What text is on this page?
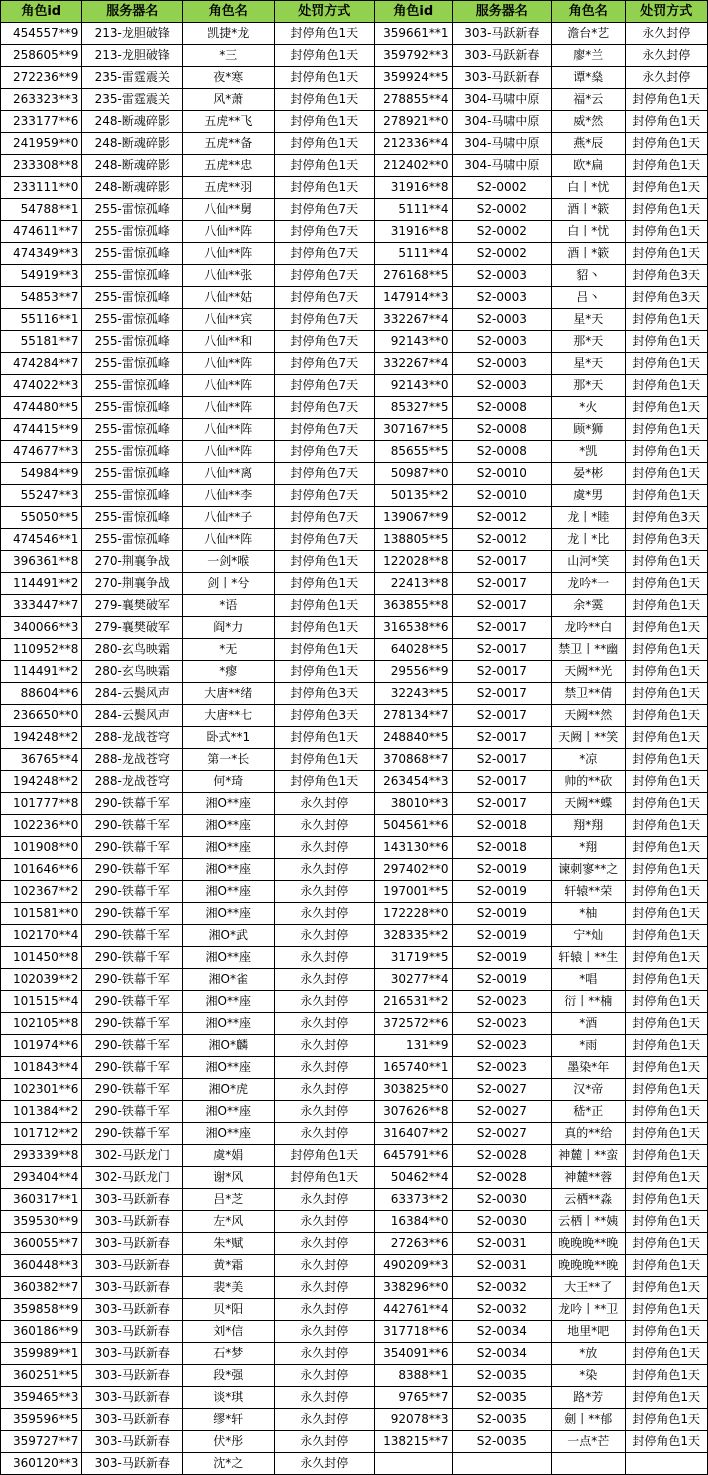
角色id	服务器名	角色名	处罚方式	角色id	服务器名	角色名	处罚方式
454557**9	213-龙胆破锋	凯捷*龙	封停角色1天	359661**1	303-马跃新春	澹台*艺	永久封停
258605**9	213-龙胆破锋	*三	封停角色1天	359792**3	303-马跃新春	廖*兰	永久封停
272236**9	235-雷霆震关	夜*寒	封停角色1天	359924**5	303-马跃新春	谭*燊	永久封停
263323**3	235-雷霆震关	风*萧	封停角色1天	278855**4	304-马啸中原	福*云	封停角色1天
233177**6	248-断魂碎影	五虎**飞	封停角色1天	278921**0	304-马啸中原	威*然	封停角色1天
241959**0	248-断魂碎影	五虎**备	封停角色1天	212336**4	304-马啸中原	燕*辰	封停角色1天
233308**8	248-断魂碎影	五虎**忠	封停角色1天	212402**0	304-马啸中原	欧*扁	封停角色1天
233111**0	248-断魂碎影	五虎**羽	封停角色1天	31916**8	S2-0002	白丨*忧	封停角色1天
54788**1	255-雷惊孤峰	八仙**舅	封停角色7天	5111**4	S2-0002	酒丨*簌	封停角色1天
474611**7	255-雷惊孤峰	八仙**阵	封停角色7天	31916**8	S2-0002	白丨*忧	封停角色1天
474349**3	255-雷惊孤峰	八仙**阵	封停角色7天	5111**4	S2-0002	酒丨*簌	封停角色1天
54919**3	255-雷惊孤峰	八仙**张	封停角色7天	276168**5	S2-0003	貂丶	封停角色3天
54853**7	255-雷惊孤峰	八仙**姑	封停角色7天	147914**3	S2-0003	吕丶	封停角色3天
55116**1	255-雷惊孤峰	八仙**宾	封停角色7天	332267**4	S2-0003	星*天	封停角色1天
55181**7	255-雷惊孤峰	八仙**和	封停角色7天	92143**0	S2-0003	那*天	封停角色1天
474284**7	255-雷惊孤峰	八仙**阵	封停角色7天	332267**4	S2-0003	星*天	封停角色1天
474022**3	255-雷惊孤峰	八仙**阵	封停角色7天	92143**0	S2-0003	那*天	封停角色1天
474480**5	255-雷惊孤峰	八仙**阵	封停角色7天	85327**5	S2-0008	*火	封停角色1天
474415**9	255-雷惊孤峰	八仙**阵	封停角色7天	307167**5	S2-0008	顾*狮	封停角色1天
474677**3	255-雷惊孤峰	八仙**阵	封停角色7天	85655**5	S2-0008	*凯	封停角色1天
54984**9	255-雷惊孤峰	八仙**离	封停角色7天	50987**0	S2-0010	晏*彬	封停角色1天
55247**3	255-雷惊孤峰	八仙**李	封停角色7天	50135**2	S2-0010	虞*男	封停角色1天
55050**5	255-雷惊孤峰	八仙**子	封停角色7天	139067**9	S2-0012	龙丨*睦	封停角色3天
474546**1	255-雷惊孤峰	八仙**阵	封停角色7天	138805**5	S2-0012	龙丨*比	封停角色3天
396361**8	270-荆襄争战	一剑*喉	封停角色1天	122028**8	S2-0017	山河*笑	封停角色1天
114491**2	270-荆襄争战	剑丨*兮	封停角色1天	22413**8	S2-0017	龙吟*一	封停角色1天
333447**7	279-襄樊破军	*语	封停角色1天	363855**8	S2-0017	余*霙	封停角色1天
340066**3	279-襄樊破军	阎*力	封停角色1天	316538**6	S2-0017	龙吟**白	封停角色1天
110952**8	280-玄鸟映霜	*无	封停角色1天	64028**5	S2-0017	禁卫丨**幽	封停角色1天
114491**2	280-玄鸟映霜	*瘳	封停角色1天	29556**9	S2-0017	天阙**光	封停角色1天
88604**6	284-云鬓风声	大唐**绪	封停角色3天	32243**5	S2-0017	禁卫**倩	封停角色1天
236650**0	284-云鬓风声	大唐**七	封停角色3天	278134**7	S2-0017	天阙**然	封停角色1天
194248**2	288-龙战苍穹	卧式**1	封停角色1天	248840**5	S2-0017	天阙丨**笑	封停角色1天
36765**4	288-龙战苍穹	第一*长	封停角色1天	370868**7	S2-0017	*凉	封停角色1天
194248**2	288-龙战苍穹	何*琦	封停角色1天	263454**3	S2-0017	帅的**砍	封停角色1天
101777**8	290-铁幕千军	湘O**座	永久封停	38010**3	S2-0017	天阙**蝶	封停角色1天
102236**0	290-铁幕千军	湘O**座	永久封停	504561**6	S2-0018	翔*翔	封停角色1天
101908**0	290-铁幕千军	湘O**座	永久封停	143130**6	S2-0018	*翔	封停角色1天
101646**6	290-铁幕千军	湘O**座	永久封停	297402**0	S2-0019	谏刺寥**之	封停角色1天
102367**2	290-铁幕千军	湘O**座	永久封停	197001**5	S2-0019	轩辕**荣	封停角色1天
101581**0	290-铁幕千军	湘O**座	永久封停	172228**0	S2-0019	*柚	封停角色1天
102170**4	290-铁幕千军	湘O*武	永久封停	328335**2	S2-0019	宁*灿	封停角色1天
101450**8	290-铁幕千军	湘O**座	永久封停	31719**5	S2-0019	轩辕丨**生	封停角色1天
102039**2	290-铁幕千军	湘O*雀	永久封停	30277**4	S2-0019	*唱	封停角色1天
101515**4	290-铁幕千军	湘O**座	永久封停	216531**2	S2-0023	衍丨**楠	封停角色1天
102105**8	290-铁幕千军	湘O**座	永久封停	372572**6	S2-0023	*酒	封停角色1天
101974**6	290-铁幕千军	湘O*麟	永久封停	131**9	S2-0023	*雨	封停角色1天
101843**4	290-铁幕千军	湘O**座	永久封停	165740**1	S2-0023	墨染*年	封停角色1天
102301**6	290-铁幕千军	湘O*虎	永久封停	303825**0	S2-0027	汉*帝	封停角色1天
101384**2	290-铁幕千军	湘O**座	永久封停	307626**8	S2-0027	嵇*正	封停角色1天
101712**2	290-铁幕千军	湘O**座	永久封停	316407**2	S2-0027	真的**给	封停角色1天
293339**8	302-马跃龙门	虞*娟	封停角色1天	645791**6	S2-0028	神麓丨**蛮	封停角色1天
293404**4	302-马跃龙门	谢*风	封停角色1天	50462**4	S2-0028	神麓**蓉	封停角色1天
360317**1	303-马跃新春	吕*芝	永久封停	63373**2	S2-0030	云栖**淼	封停角色1天
359530**9	303-马跃新春	左*风	永久封停	16384**0	S2-0030	云栖丨**姨	封停角色1天
360055**7	303-马跃新春	朱*赋	永久封停	27263**6	S2-0031	晚晚晚**晚	封停角色1天
360448**3	303-马跃新春	黄*霜	永久封停	490209**3	S2-0031	晚晚晚**晚	封停角色1天
360382**7	303-马跃新春	裴*美	永久封停	338296**0	S2-0032	大王**了	封停角色1天
359858**9	303-马跃新春	贝*阳	永久封停	442761**4	S2-0032	龙吟丨**卫	封停角色1天
360186**9	303-马跃新春	刘*信	永久封停	317718**6	S2-0034	地里*吧	封停角色1天
359989**1	303-马跃新春	石*梦	永久封停	354091**6	S2-0034	*放	封停角色1天
360251**5	303-马跃新春	段*强	永久封停	8388**1	S2-0035	*染	封停角色1天
359465**3	303-马跃新春	谈*琪	永久封停	9765**7	S2-0035	路*芳	封停角色1天
359596**5	303-马跃新春	缪*轩	永久封停	92078**3	S2-0035	劍丨**郁	封停角色1天
359727**7	303-马跃新春	伏*彤	永久封停	138215**7	S2-0035	一点*芒	封停角色1天
360120**3	303-马跃新春	沈*之	永久封停				
